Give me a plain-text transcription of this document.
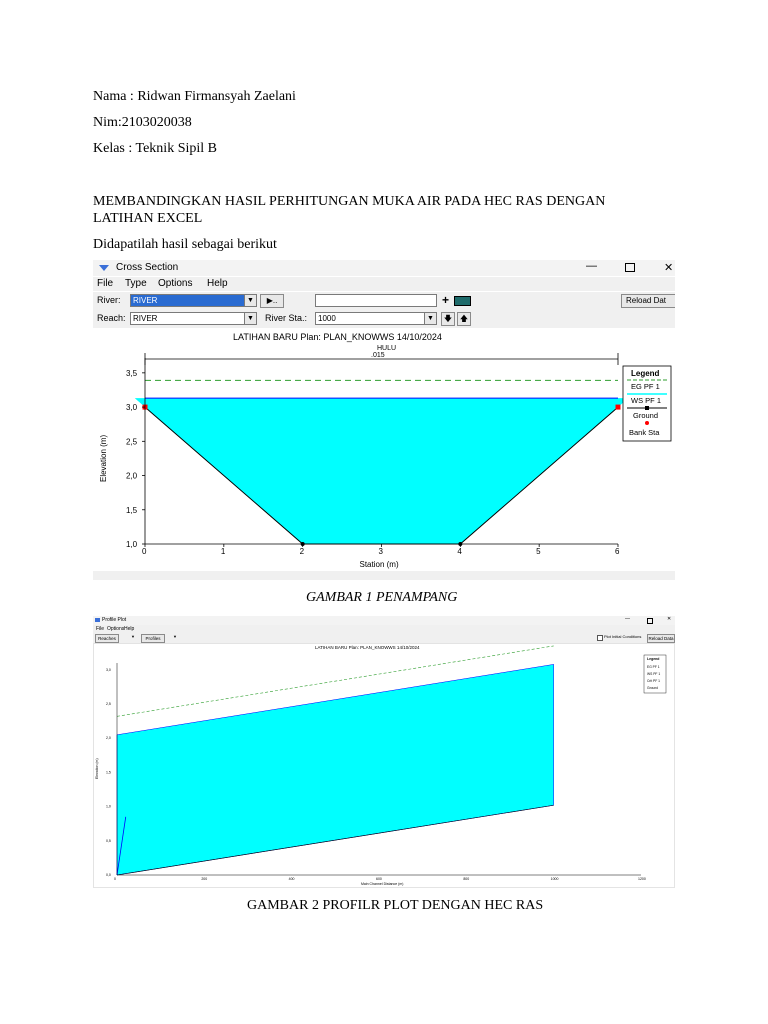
Nama : Ridwan Firmansyah Zaelani
Nim:2103020038
Kelas : Teknik Sipil B
MEMBANDINGKAN HASIL PERHITUNGAN MUKA AIR PADA HEC RAS DENGAN
LATIHAN EXCEL
Didapatilah hasil sebagai berikut
Cross Section	—	✕
File Type Options Help
River:	RIVER	▼	▶..	+	Reload Dat
Reach: RIVER	▼	River Sta.:	1000	▼	🡇 🡅
LATIHAN BARU Plan: PLAN_KNOWWS 14/10/2024
HULU
.015
0	1	2	3	4	5	6
1,0
1,5
2,0
2,5
3,0
3,5
Station (m)
Elevation (m)
Legend
EG PF 1
WS PF 1
Ground
Bank Sta
GAMBAR 1 PENAMPANG
Profile Plot	—	✕
File Options Help
Reaches	▼	Profiles	▼	Plot Initial Conditions	Reload Data
LATIHAN BARU Plan: PLAN_KNOWWS 14/10/2024
0	200	400	600	800	1000	1200
0,0
0,5
1,0
1,5
2,0
2,5
3,0
Main Channel Distance (m)
Elevation (m)
Legend
EG PF 1
WS PF 1
Crit PF 1
Ground
GAMBAR 2 PROFILR PLOT DENGAN HEC RAS
